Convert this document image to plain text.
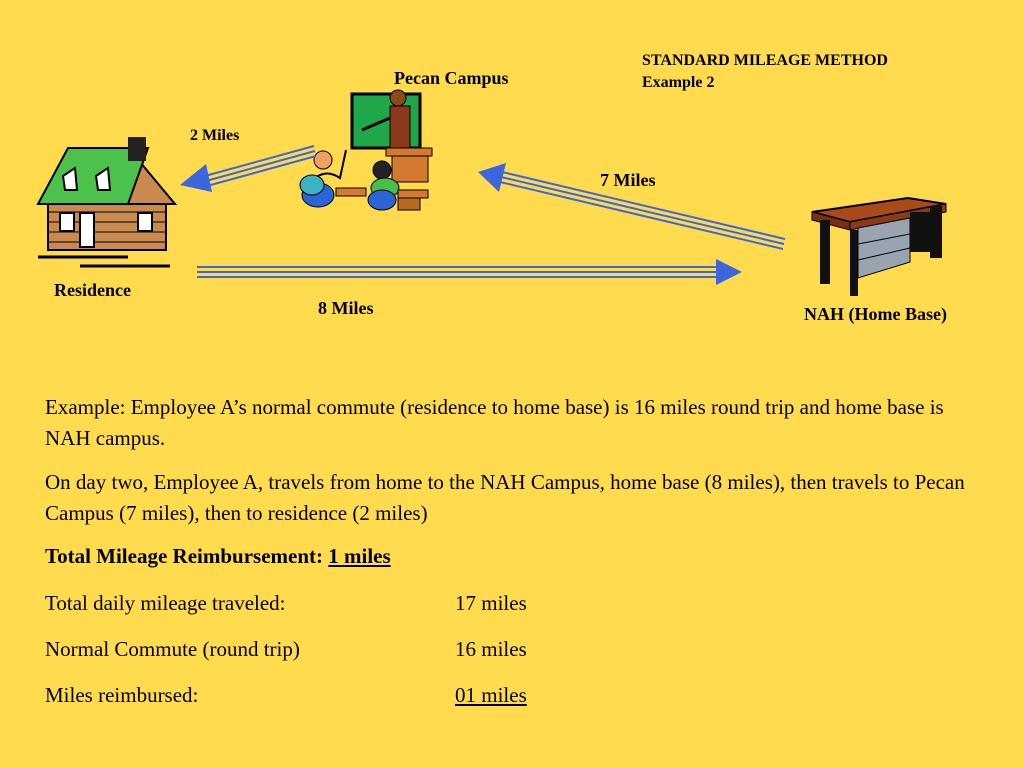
STANDARD MILEAGE METHOD
Example 2
Pecan Campus
Residence
NAH (Home Base)
2 Miles
7 Miles
8 Miles
Example: Employee A’s normal commute (residence to home base) is 16 miles round trip and home base is NAH campus.
On day two, Employee A, travels from home to the NAH Campus, home base (8 miles), then travels to Pecan Campus (7 miles), then to residence (2 miles)
Total Mileage Reimbursement: 1 miles
Total daily mileage traveled:	17 miles
Normal Commute (round trip)	16 miles
Miles reimbursed:	01 miles
